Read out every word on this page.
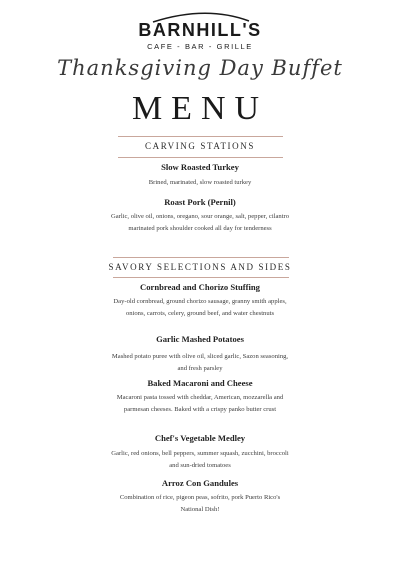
BARNHILL'S
CAFE - BAR - GRILLE
Thanksgiving Day Buffet
MENU
CARVING STATIONS
Slow Roasted Turkey
Brined, marinated, slow roasted turkey
Roast Pork (Pernil)
Garlic, olive oil, onions, oregano, sour orange, salt, pepper, cilantro marinated pork shoulder cooked all day for tenderness
SAVORY SELECTIONS AND SIDES
Cornbread and Chorizo Stuffing
Day-old cornbread, ground chorizo sausage, granny smith apples, onions, carrots, celery, ground beef, and water chestnuts
Garlic Mashed Potatoes
Mashed potato puree with olive oil, sliced garlic, Sazon seasoning, and fresh parsley
Baked Macaroni and Cheese
Macaroni pasta tossed with cheddar, American, mozzarella and parmesan cheeses. Baked with a crispy panko butter crust
Chef's Vegetable Medley
Garlic, red onions, bell peppers, summer squash, zucchini, broccoli and sun-dried tomatoes
Arroz Con Gandules
Combination of rice, pigeon peas, sofrito, pork Puerto Rico's National Dish!
